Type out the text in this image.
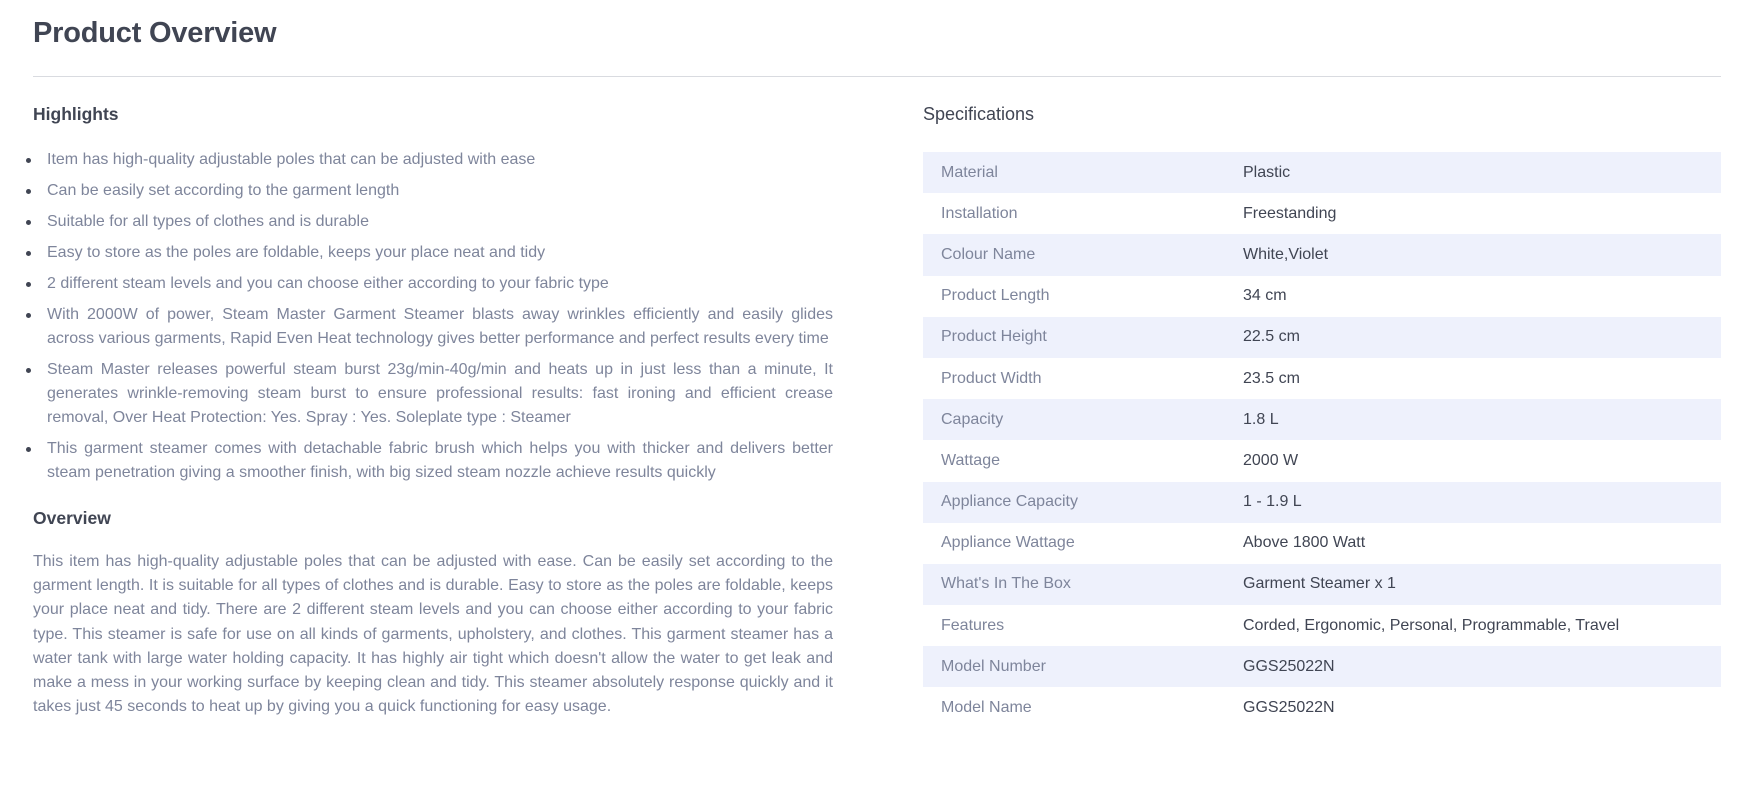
Product Overview
Highlights
Item has high-quality adjustable poles that can be adjusted with ease
Can be easily set according to the garment length
Suitable for all types of clothes and is durable
Easy to store as the poles are foldable, keeps your place neat and tidy
2 different steam levels and you can choose either according to your fabric type
With 2000W of power, Steam Master Garment Steamer blasts away wrinkles efficiently and easily glides across various garments, Rapid Even Heat technology gives better performance and perfect results every time
Steam Master releases powerful steam burst 23g/min-40g/min and heats up in just less than a minute, It generates wrinkle-removing steam burst to ensure professional results: fast ironing and efficient crease removal, Over Heat Protection: Yes. Spray : Yes. Soleplate type : Steamer
This garment steamer comes with detachable fabric brush which helps you with thicker and delivers better steam penetration giving a smoother finish, with big sized steam nozzle achieve results quickly
Overview

This item has high-quality adjustable poles that can be adjusted with ease. Can be easily set according to the garment length. It is suitable for all types of clothes and is durable. Easy to store as the poles are foldable, keeps your place neat and tidy. There are 2 different steam levels and you can choose either according to your fabric type. This steamer is safe for use on all kinds of garments, upholstery, and clothes. This garment steamer has a water tank with large water holding capacity. It has highly air tight which doesn't allow the water to get leak and make a mess in your working surface by keeping clean and tidy. This steamer absolutely response quickly and it takes just 45 seconds to heat up by giving you a quick functioning for easy usage.

Specifications
Material	Plastic
Installation	Freestanding
Colour Name	White,Violet
Product Length	34 cm
Product Height	22.5 cm
Product Width	23.5 cm
Capacity	1.8 L
Wattage	2000 W
Appliance Capacity	1 - 1.9 L
Appliance Wattage	Above 1800 Watt
What's In The Box	Garment Steamer x 1
Features	Corded, Ergonomic, Personal, Programmable, Travel
Model Number	GGS25022N
Model Name	GGS25022N
